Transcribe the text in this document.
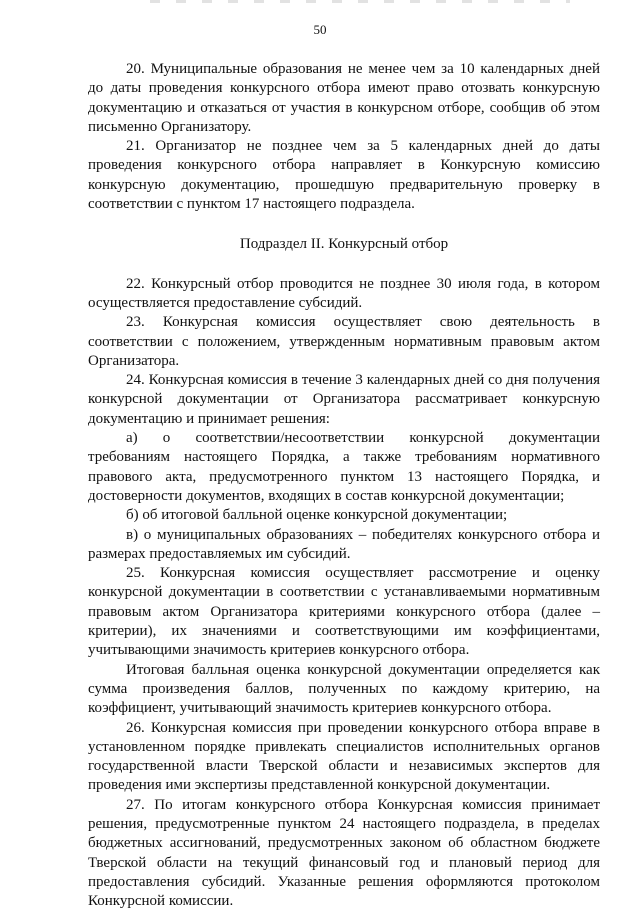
50

20. Муниципальные образования не менее чем за 10 календарных дней до даты проведения конкурсного отбора имеют право отозвать конкурсную документацию и отказаться от участия в конкурсном отборе, сообщив об этом письменно Организатору.

21. Организатор не позднее чем за 5 календарных дней до даты проведения конкурсного отбора направляет в Конкурсную комиссию конкурсную документацию, прошедшую предварительную проверку в соответствии с пунктом 17 настоящего подраздела.

Подраздел II. Конкурсный отбор

22. Конкурсный отбор проводится не позднее 30 июля года, в котором осуществляется предоставление субсидий.

23. Конкурсная комиссия осуществляет свою деятельность в соответствии с положением, утвержденным нормативным правовым актом Организатора.

24. Конкурсная комиссия в течение 3 календарных дней со дня получения конкурсной документации от Организатора рассматривает конкурсную документацию и принимает решения:

а) о соответствии/несоответствии конкурсной документации требованиям настоящего Порядка, а также требованиям нормативного правового акта, предусмотренного пунктом 13 настоящего Порядка, и достоверности документов, входящих в состав конкурсной документации;

б) об итоговой балльной оценке конкурсной документации;

в) о муниципальных образованиях – победителях конкурсного отбора и размерах предоставляемых им субсидий.

25. Конкурсная комиссия осуществляет рассмотрение и оценку конкурсной документации в соответствии с устанавливаемыми нормативным правовым актом Организатора критериями конкурсного отбора (далее – критерии), их значениями и соответствующими им коэффициентами, учитывающими значимость критериев конкурсного отбора.

Итоговая балльная оценка конкурсной документации определяется как сумма произведения баллов, полученных по каждому критерию, на коэффициент, учитывающий значимость критериев конкурсного отбора.

26. Конкурсная комиссия при проведении конкурсного отбора вправе в установленном порядке привлекать специалистов исполнительных органов государственной власти Тверской области и независимых экспертов для проведения ими экспертизы представленной конкурсной документации.

27. По итогам конкурсного отбора Конкурсная комиссия принимает решения, предусмотренные пунктом 24 настоящего подраздела, в пределах бюджетных ассигнований, предусмотренных законом об областном бюджете Тверской области на текущий финансовый год и плановый период для предоставления субсидий. Указанные решения оформляются протоколом Конкурсной комиссии.
